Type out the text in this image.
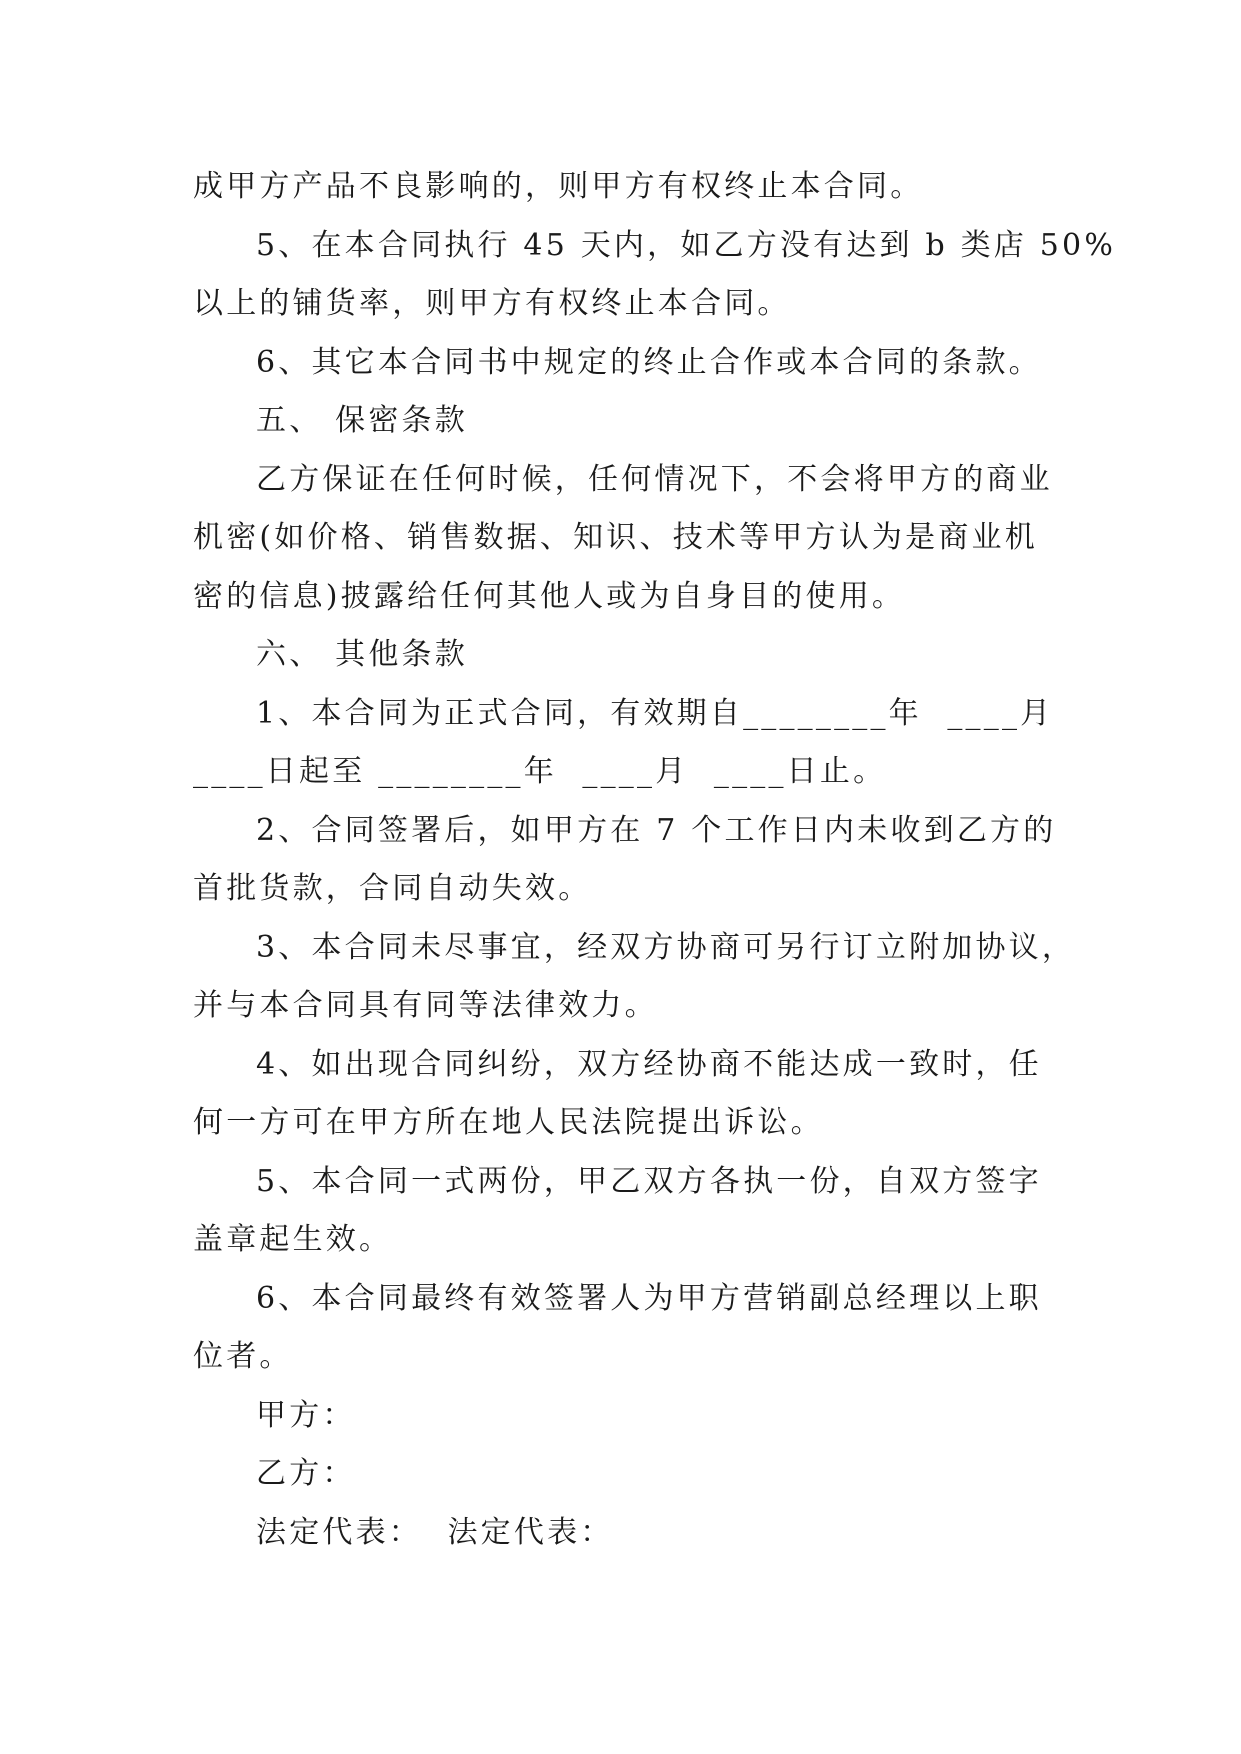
成甲方产品不良影响的，则甲方有权终止本合同。
5、在本合同执行 45 天内，如乙方没有达到 b 类店 50%
以上的铺货率，则甲方有权终止本合同。
6、其它本合同书中规定的终止合作或本合同的条款。
五、 保密条款
乙方保证在任何时候，任何情况下，不会将甲方的商业
机密(如价格、销售数据、知识、技术等甲方认为是商业机
密的信息)披露给任何其他人或为自身目的使用。
六、 其他条款
1、本合同为正式合同，有效期自________年  ____月
____日起至 ________年  ____月  ____日止。
2、合同签署后，如甲方在 7 个工作日内未收到乙方的
首批货款，合同自动失效。
3、本合同未尽事宜，经双方协商可另行订立附加协议，
并与本合同具有同等法律效力。
4、如出现合同纠纷，双方经协商不能达成一致时，任
何一方可在甲方所在地人民法院提出诉讼。
5、本合同一式两份，甲乙双方各执一份，自双方签字
盖章起生效。
6、本合同最终有效签署人为甲方营销副总经理以上职
位者。
甲方：
乙方：
法定代表：  法定代表：
